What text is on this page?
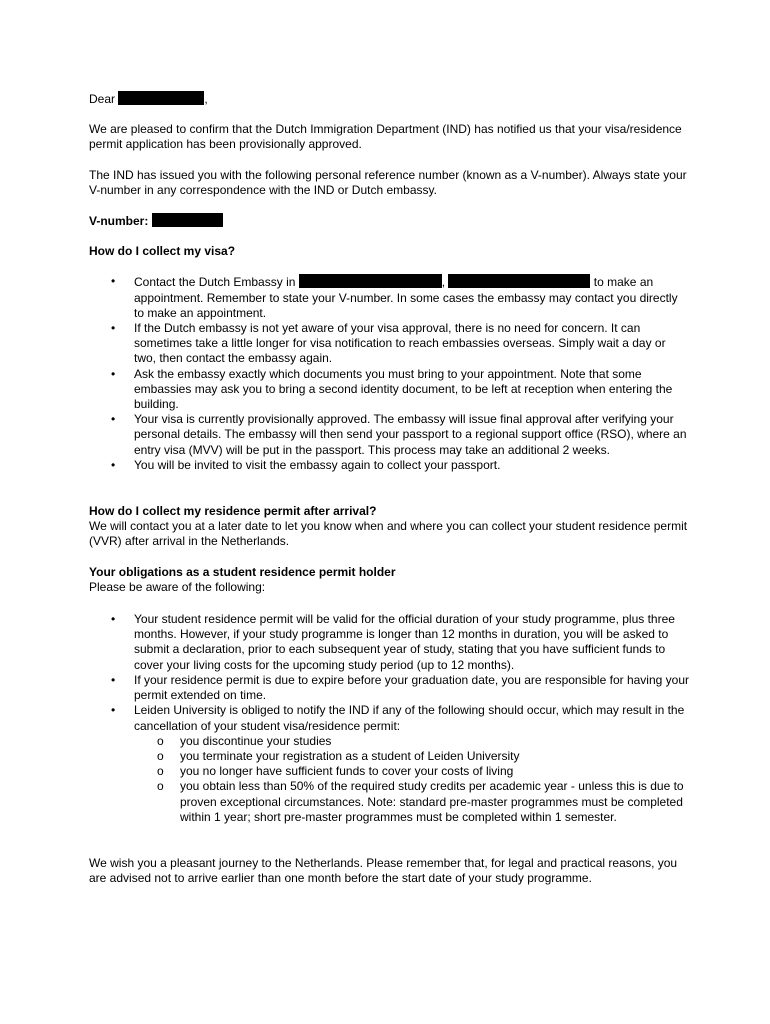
Dear	,

We are pleased to confirm that the Dutch Immigration Department (IND) has notified us that your visa/residence permit application has been provisionally approved.

The IND has issued you with the following personal reference number (known as a V-number). Always state your V-number in any correspondence with the IND or Dutch embassy.

V-number:

How do I collect my visa?

• Contact the Dutch Embassy in	,	to make an appointment. Remember to state your V-number. In some cases the embassy may contact you directly to make an appointment.
• If the Dutch embassy is not yet aware of your visa approval, there is no need for concern. It can sometimes take a little longer for visa notification to reach embassies overseas. Simply wait a day or two, then contact the embassy again.
• Ask the embassy exactly which documents you must bring to your appointment. Note that some embassies may ask you to bring a second identity document, to be left at reception when entering the building.
• Your visa is currently provisionally approved. The embassy will issue final approval after verifying your personal details. The embassy will then send your passport to a regional support office (RSO), where an entry visa (MVV) will be put in the passport. This process may take an additional 2 weeks.
• You will be invited to visit the embassy again to collect your passport.

How do I collect my residence permit after arrival?

We will contact you at a later date to let you know when and where you can collect your student residence permit (VVR) after arrival in the Netherlands.

Your obligations as a student residence permit holder

Please be aware of the following:

• Your student residence permit will be valid for the official duration of your study programme, plus three months. However, if your study programme is longer than 12 months in duration, you will be asked to submit a declaration, prior to each subsequent year of study, stating that you have sufficient funds to cover your living costs for the upcoming study period (up to 12 months).
• If your residence permit is due to expire before your graduation date, you are responsible for having your permit extended on time.
• Leiden University is obliged to notify the IND if any of the following should occur, which may result in the cancellation of your student visa/residence permit:
o you discontinue your studies
o you terminate your registration as a student of Leiden University
o you no longer have sufficient funds to cover your costs of living
o you obtain less than 50% of the required study credits per academic year - unless this is due to proven exceptional circumstances. Note: standard pre-master programmes must be completed within 1 year; short pre-master programmes must be completed within 1 semester.

We wish you a pleasant journey to the Netherlands. Please remember that, for legal and practical reasons, you are advised not to arrive earlier than one month before the start date of your study programme.
